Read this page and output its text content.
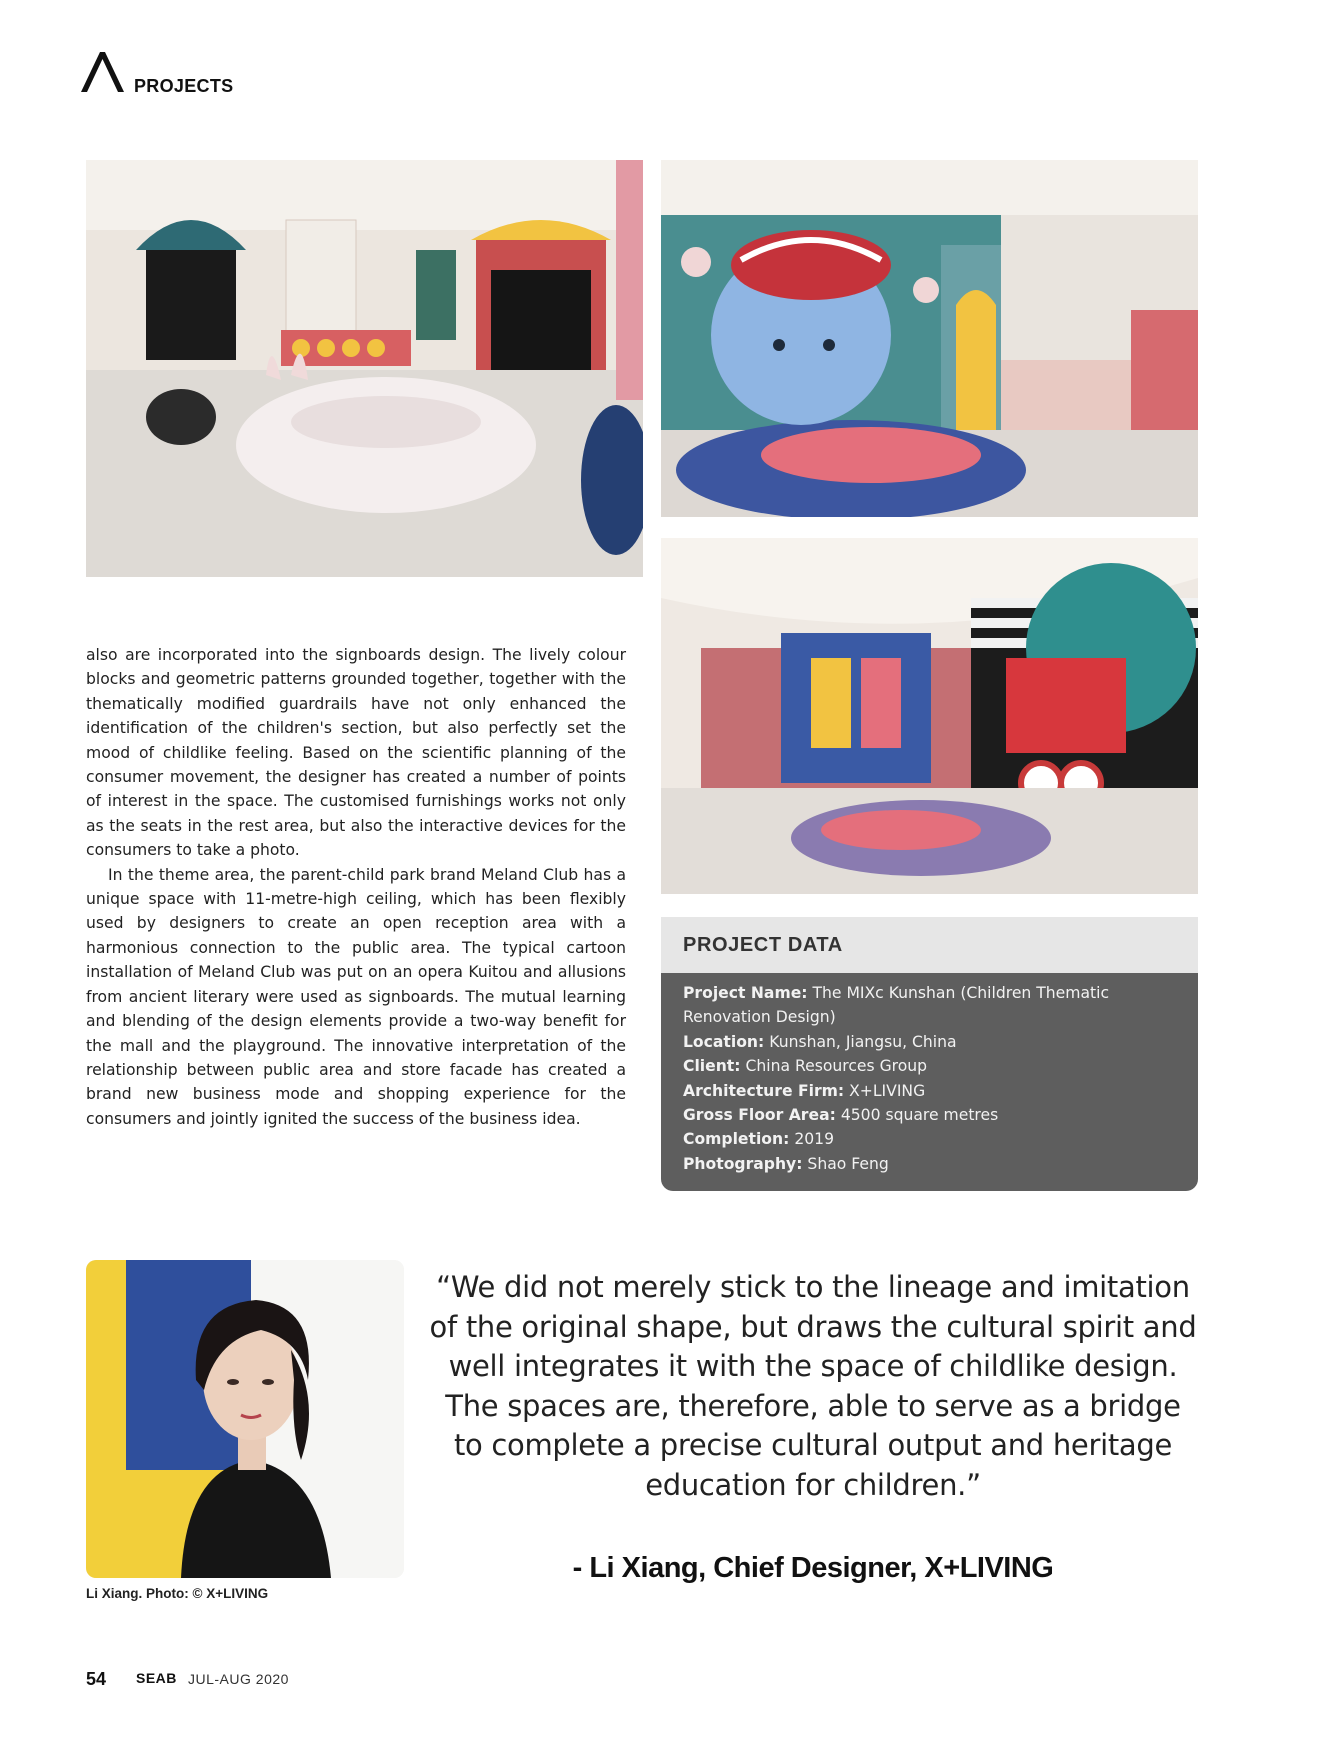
PROJECTS

also are incorporated into the signboards design. The lively colour blocks and geometric patterns grounded together, together with the thematically modified guardrails have not only enhanced the identification of the children's section, but also perfectly set the mood of childlike feeling. Based on the scientific planning of the consumer movement, the designer has created a number of points of interest in the space. The customised furnishings works not only as the seats in the rest area, but also the interactive devices for the consumers to take a photo.

In the theme area, the parent-child park brand Meland Club has a unique space with 11-metre-high ceiling, which has been flexibly used by designers to create an open reception area with a harmonious connection to the public area. The typical cartoon installation of Meland Club was put on an opera Kuitou and allusions from ancient literary were used as signboards. The mutual learning and blending of the design elements provide a two-way benefit for the mall and the playground. The innovative interpretation of the relationship between public area and store facade has created a brand new business mode and shopping experience for the consumers and jointly ignited the success of the business idea.

PROJECT DATA

Project Name: The MIXc Kunshan (Children Thematic Renovation Design)

Location: Kunshan, Jiangsu, China

Client: China Resources Group

Architecture Firm: X+LIVING

Gross Floor Area: 4500 square metres

Completion: 2019

Photography: Shao Feng

Li Xiang. Photo: © X+LIVING
“We did not merely stick to the lineage and imitation of the original shape, but draws the cultural spirit and well integrates it with the space of childlike design. The spaces are, therefore, able to serve as a bridge to complete a precise cultural output and heritage education for children.”
- Li Xiang, Chief Designer, X+LIVING
54 SEAB JUL-AUG 2020
